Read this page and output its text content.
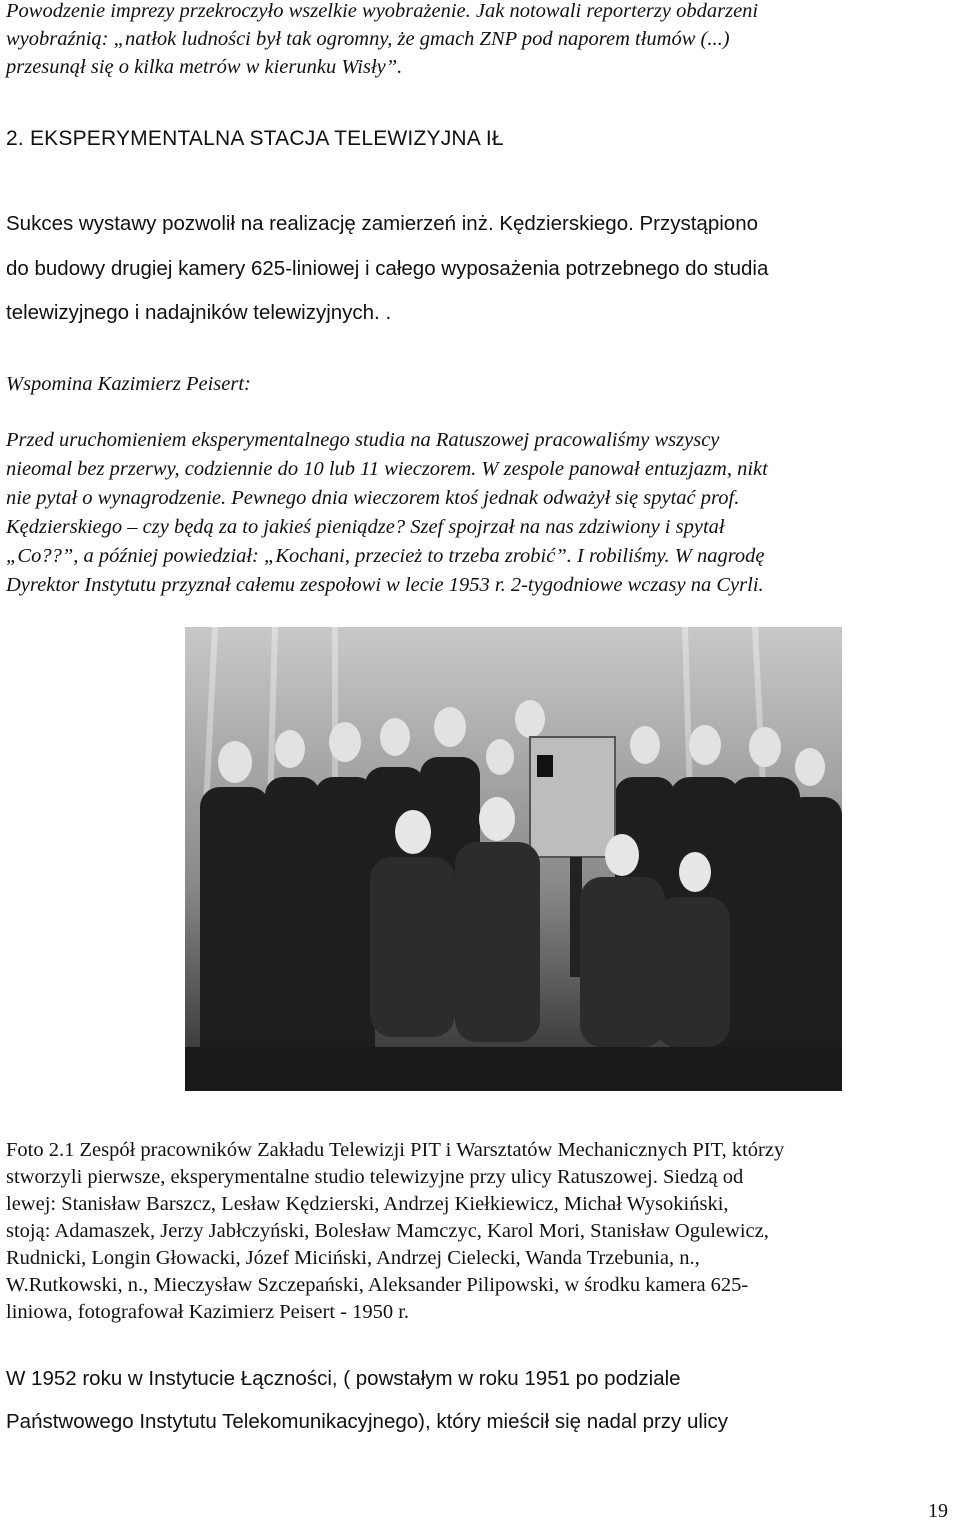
Powodzenie imprezy przekroczyło wszelkie wyobrażenie. Jak notowali reporterzy obdarzeni

wyobraźnią: „natłok ludności był tak ogromny, że gmach ZNP pod naporem tłumów (...)

przesunął się o kilka metrów w kierunku Wisły”.

2. EKSPERYMENTALNA STACJA TELEWIZYJNA IŁ

Sukces wystawy pozwolił na realizację zamierzeń inż. Kędzierskiego. Przystąpiono

do budowy drugiej kamery 625-liniowej i całego wyposażenia potrzebnego do studia

telewizyjnego i nadajników telewizyjnych. .

Wspomina Kazimierz Peisert:

Przed uruchomieniem eksperymentalnego studia na Ratuszowej pracowaliśmy wszyscy

nieomal bez przerwy, codziennie do 10 lub 11 wieczorem. W zespole panował entuzjazm, nikt

nie pytał o wynagrodzenie. Pewnego dnia wieczorem ktoś jednak odważył się spytać prof.

Kędzierskiego – czy będą za to jakieś pieniądze? Szef spojrzał na nas zdziwiony i spytał

„Co??”, a później powiedział: „Kochani, przecież to trzeba zrobić”. I robiliśmy. W nagrodę

Dyrektor Instytutu przyznał całemu zespołowi w lecie 1953 r. 2-tygodniowe wczasy na Cyrli.

Foto 2.1 Zespół pracowników Zakładu Telewizji PIT i Warsztatów Mechanicznych PIT, którzy

stworzyli pierwsze, eksperymentalne studio telewizyjne przy ulicy Ratuszowej. Siedzą od

lewej: Stanisław Barszcz, Lesław Kędzierski, Andrzej Kiełkiewicz, Michał Wysokiński,

stoją: Adamaszek, Jerzy Jabłczyński, Bolesław Mamczyc, Karol Mori, Stanisław Ogulewicz,

Rudnicki, Longin Głowacki, Józef Miciński, Andrzej Cielecki, Wanda Trzebunia, n.,

W.Rutkowski, n., Mieczysław Szczepański, Aleksander Pilipowski, w środku kamera 625-

liniowa, fotografował Kazimierz Peisert - 1950 r.

W 1952 roku w Instytucie Łączności, ( powstałym w roku 1951 po podziale

Państwowego Instytutu Telekomunikacyjnego), który mieścił się nadal przy ulicy

19
